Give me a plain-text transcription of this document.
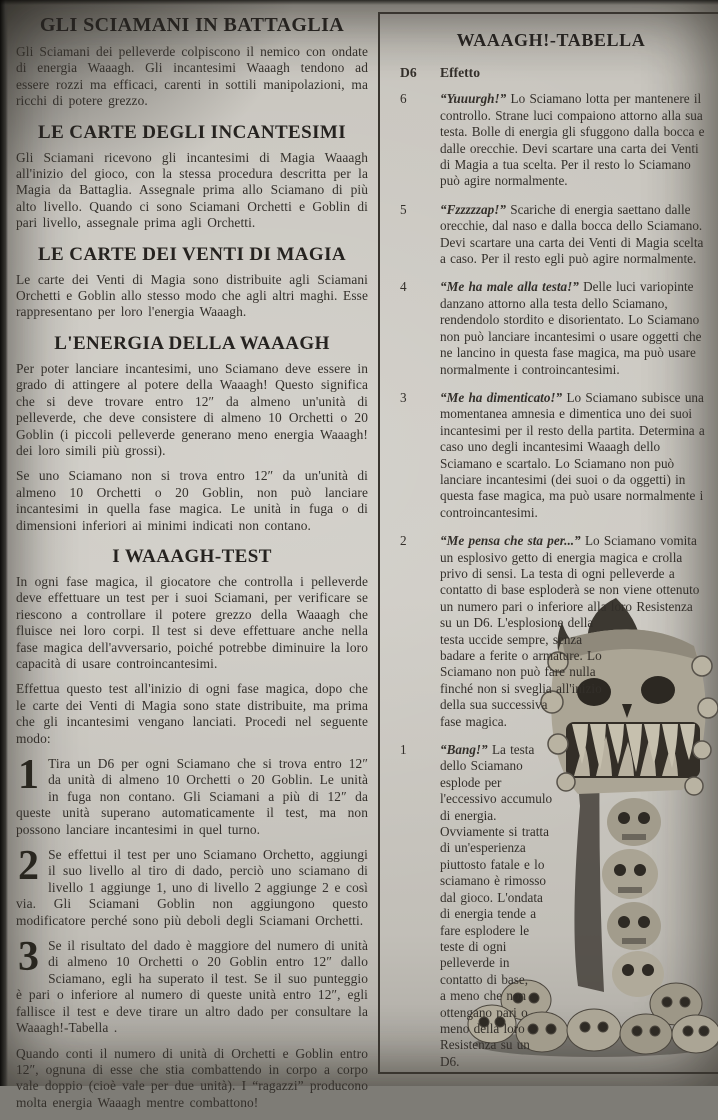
GLI SCIAMANI IN BATTAGLIA

Gli Sciamani dei pelleverde colpiscono il nemico con ondate di energia Waaagh. Gli incantesimi Waaagh tendono ad essere rozzi ma efficaci, carenti in sottili manipolazioni, ma ricchi di potere grezzo.

LE CARTE DEGLI INCANTESIMI

Gli Sciamani ricevono gli incantesimi di Magia Waaagh all'inizio del gioco, con la stessa procedura descritta per la Magia da Battaglia. Assegnale prima allo Sciamano di più alto livello. Quando ci sono Sciamani Orchetti e Goblin di pari livello, assegnale prima agli Orchetti.

LE CARTE DEI VENTI DI MAGIA

Le carte dei Venti di Magia sono distribuite agli Sciamani Orchetti e Goblin allo stesso modo che agli altri maghi. Esse rappresentano per loro l'energia Waaagh.

L'ENERGIA DELLA WAAAGH

Per poter lanciare incantesimi, uno Sciamano deve essere in grado di attingere al potere della Waaagh! Questo significa che si deve trovare entro 12″ da almeno un'unità di pelleverde, che deve consistere di almeno 10 Orchetti o 20 Goblin (i piccoli pelleverde generano meno energia Waaagh! dei loro simili più grossi).

Se uno Sciamano non si trova entro 12″ da un'unità di almeno 10 Orchetti o 20 Goblin, non può lanciare incantesimi in quella fase magica. Le unità in fuga o di dimensioni inferiori ai minimi indicati non contano.

I WAAAGH-TEST

In ogni fase magica, il giocatore che controlla i pelleverde deve effettuare un test per i suoi Sciamani, per verificare se riescono a controllare il potere grezzo della Waaagh che fluisce nei loro corpi. Il test si deve effettuare anche nella fase magica dell'avversario, poiché potrebbe diminuire la loro capacità di usare controincantesimi.

Effettua questo test all'inizio di ogni fase magica, dopo che le carte dei Venti di Magia sono state distribuite, ma prima che gli incantesimi vengano lanciati. Procedi nel seguente modo:

1 Tira un D6 per ogni Sciamano che si trova entro 12″ da unità di almeno 10 Orchetti o 20 Goblin. Le unità in fuga non contano. Gli Sciamani a più di 12″ da queste unità superano automaticamente il test, ma non possono lanciare incantesimi in quel turno.

2 Se effettui il test per uno Sciamano Orchetto, aggiungi il suo livello al tiro di dado, perciò uno sciamano di livello 1 aggiunge 1, uno di livello 2 aggiunge 2 e così via. Gli Sciamani Goblin non aggiungono questo modificatore perché sono più deboli degli Sciamani Orchetti.

3 Se il risultato del dado è maggiore del numero di unità di almeno 10 Orchetti o 20 Goblin entro 12″ dallo Sciamano, egli ha superato il test. Se il suo punteggio è pari o inferiore al numero di queste unità entro 12″, egli fallisce il test e deve tirare un altro dado per consultare la Waaagh!-Tabella .

Quando conti il numero di unità di Orchetti e Goblin entro 12″, ognuna di esse che stia combattendo in corpo a corpo vale doppio (cioè vale per due unità). I “ragazzi” producono molta energia Waaagh mentre combattono!

WAAAGH!-TABELLA
D6 Effetto
6	“Yuuurgh!” Lo Sciamano lotta per mantenere il controllo. Strane luci compaiono attorno alla sua testa. Bolle di energia gli sfuggono dalla bocca e dalle orecchie. Devi scartare una carta dei Venti di Magia a tua scelta. Per il resto lo Sciamano può agire normalmente.
5	“Fzzzzzap!” Scariche di energia saettano dalle orecchie, dal naso e dalla bocca dello Sciamano. Devi scartare una carta dei Venti di Magia scelta a caso. Per il resto egli può agire normalmente.
4	“Me ha male alla testa!” Delle luci variopinte danzano attorno alla testa dello Sciamano, rendendolo stordito e disorientato. Lo Sciamano non può lanciare incantesimi o usare oggetti che ne lancino in questa fase magica, ma può usare normalmente i controincantesimi.
3	“Me ha dimenticato!” Lo Sciamano subisce una momentanea amnesia e dimentica uno dei suoi incantesimi per il resto della partita. Determina a caso uno degli incantesimi Waaagh dello Sciamano e scartalo. Lo Sciamano non può lanciare incantesimi (dei suoi o da oggetti) in questa fase magica, ma può usare normalmente i controincantesimi.
2	“Me pensa che sta per...” Lo Sciamano vomita un esplosivo getto di energia magica e crolla privo di sensi. La testa di ogni pelleverde a contatto di base esploderà se non viene ottenuto un numero pari o inferiore alla loro Resistenza su un D6. L'esplosione della
testa uccide sempre, senza badare a ferite o armature. Lo Sciamano non può fare nulla finché non si sveglia all'inizio della sua successiva fase magica.
1	“Bang!” La testa dello Sciamano esplode per l'eccessivo accumulo di energia. Ovviamente si tratta di un'esperienza piuttosto fatale e lo sciamano è rimosso dal gioco. L'ondata di energia tende a fare esplodere le teste di ogni pelleverde in contatto di base, a meno che non ottengano pari o meno della loro Resistenza su un D6.
